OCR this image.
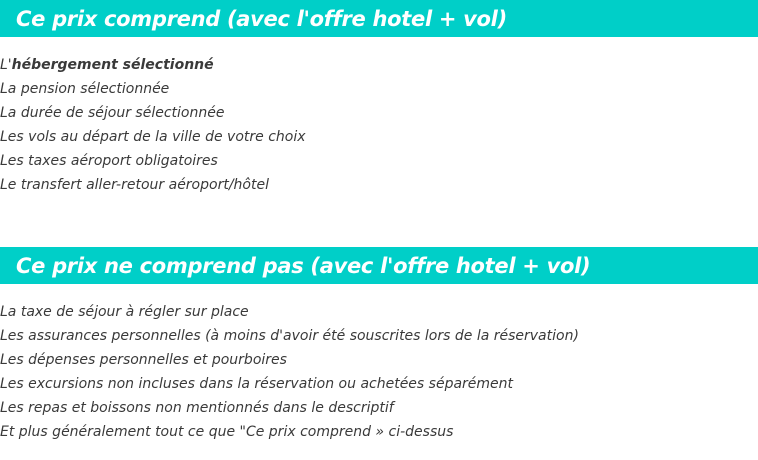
Ce prix comprend (avec l'offre hotel + vol)
L'hébergement sélectionné
La pension sélectionnée
La durée de séjour sélectionnée
Les vols au départ de la ville de votre choix
Les taxes aéroport obligatoires
Le transfert aller-retour aéroport/hôtel
Ce prix ne comprend pas (avec l'offre hotel + vol)
La taxe de séjour à régler sur place
Les assurances personnelles (à moins d'avoir été souscrites lors de la réservation)
Les dépenses personnelles et pourboires
Les excursions non incluses dans la réservation ou achetées séparément
Les repas et boissons non mentionnés dans le descriptif
Et plus généralement tout ce que "Ce prix comprend » ci-dessus
